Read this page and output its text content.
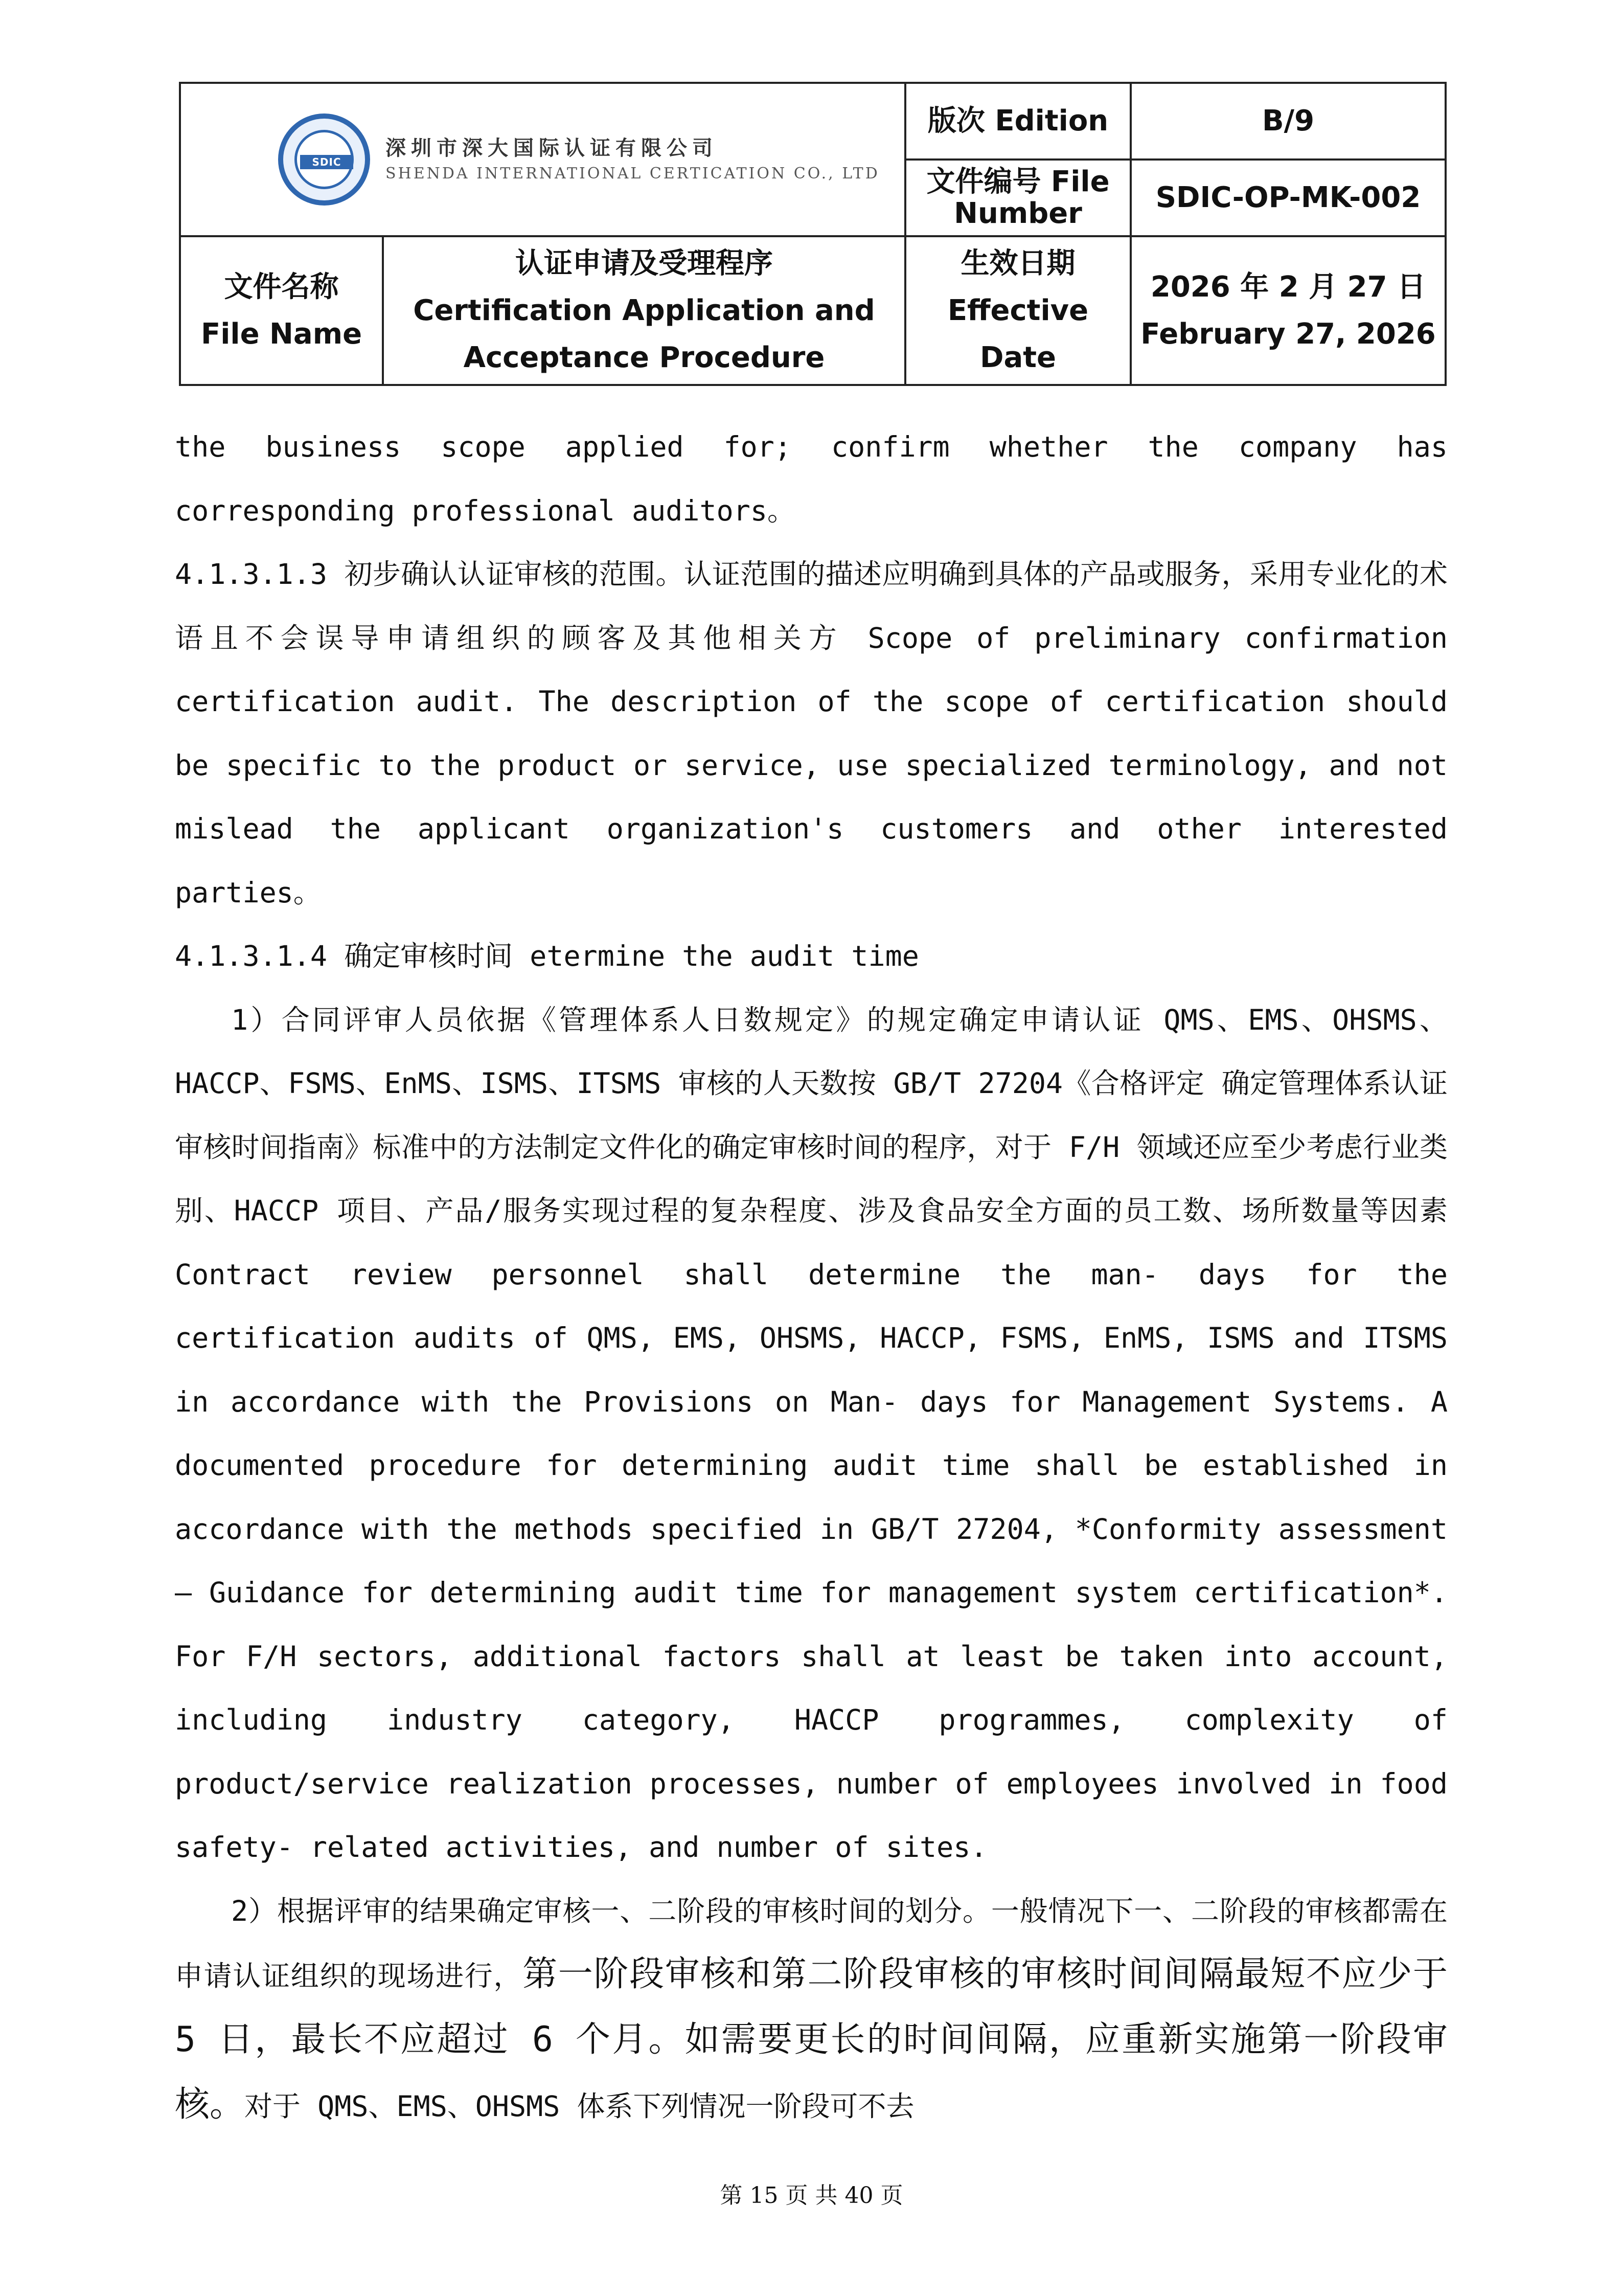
SDIC
深圳市深大国际认证有限公司
SHENDA INTERNATIONAL CERTICATION CO., LTD
版次 Edition	B/9
文件编号 File
Number	SDIC-OP-MK-002
文件名称
File Name
认证申请及受理程序
Certification Application and
Acceptance Procedure
生效日期
Effective
Date
2026 年 2 月 27 日
February 27, 2026

the business scope applied for; confirm whether the company has corresponding professional auditors。

4.1.3.1.3 初步确认认证审核的范围。认证范围的描述应明确到具体的产品或服务，采用专业化的术语且不会误导申请组织的顾客及其他相关方 Scope of preliminary confirmation certification audit. The description of the scope of certification should be specific to the product or service, use specialized terminology, and not mislead the applicant organization's customers and other interested parties。

4.1.3.1.4 确定审核时间 etermine the audit time

1）合同评审人员依据《管理体系人日数规定》的规定确定申请认证 QMS、EMS、OHSMS、HACCP、FSMS、EnMS、ISMS、ITSMS 审核的人天数按 GB/T 27204《合格评定 确定管理体系认证审核时间指南》标准中的方法制定文件化的确定审核时间的程序，对于 F/H 领域还应至少考虑行业类别、HACCP 项目、产品/服务实现过程的复杂程度、涉及食品安全方面的员工数、场所数量等因素 Contract review personnel shall determine the man- days for the certification audits of QMS, EMS, OHSMS, HACCP, FSMS, EnMS, ISMS and ITSMS in accordance with the Provisions on Man- days for Management Systems. A documented procedure for determining audit time shall be established in accordance with the methods specified in GB/T 27204, *Conformity assessment — Guidance for determining audit time for management system certification*. For F/H sectors, additional factors shall at least be taken into account, including industry category, HACCP programmes, complexity of product/service realization processes, number of employees involved in food safety- related activities, and number of sites.

2）根据评审的结果确定审核一、二阶段的审核时间的划分。一般情况下一、二阶段的审核都需在申请认证组织的现场进行，第一阶段审核和第二阶段审核的审核时间间隔最短不应少于 5 日，最长不应超过 6 个月。如需要更长的时间间隔，应重新实施第一阶段审核。对于 QMS、EMS、OHSMS 体系下列情况一阶段可不去

第 15 页 共 40 页
